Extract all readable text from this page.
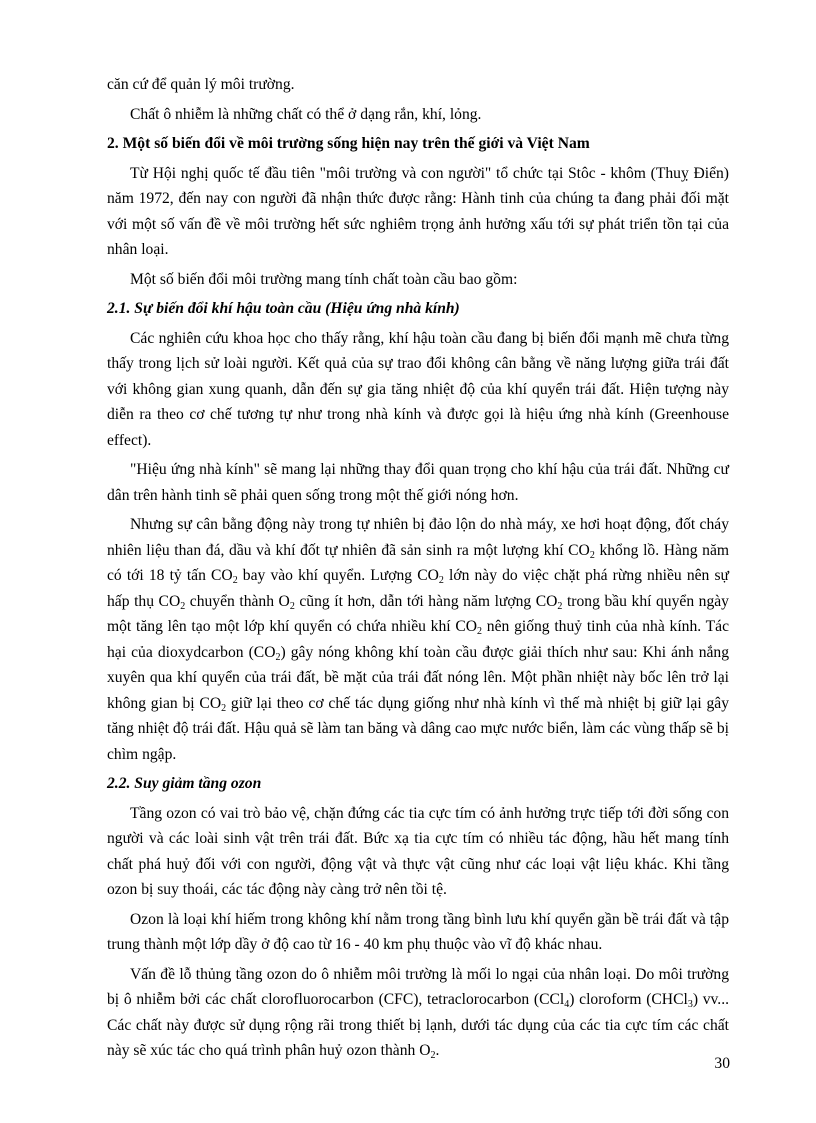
căn cứ để quản lý môi trường.

Chất ô nhiễm là những chất có thể ở dạng rắn, khí, lỏng.

2. Một số biến đổi về môi trường sống hiện nay trên thế giới và Việt Nam

Từ Hội nghị quốc tế đầu tiên "môi trường và con người" tổ chức tại Stôc - khôm (Thuỵ Điển) năm 1972, đến nay con người đã nhận thức được rằng: Hành tinh của chúng ta đang phải đối mặt với một số vấn đề về môi trường hết sức nghiêm trọng ảnh hưởng xấu tới sự phát triển tồn tại của nhân loại.

Một số biến đổi môi trường mang tính chất toàn cầu bao gồm:

2.1. Sự biến đổi khí hậu toàn cầu (Hiệu ứng nhà kính)

Các nghiên cứu khoa học cho thấy rằng, khí hậu toàn cầu đang bị biến đổi mạnh mẽ chưa từng thấy trong lịch sử loài người. Kết quả của sự trao đổi không cân bằng về năng lượng giữa trái đất với không gian xung quanh, dẫn đến sự gia tăng nhiệt độ của khí quyển trái đất. Hiện tượng này diễn ra theo cơ chế tương tự như trong nhà kính và được gọi là hiệu ứng nhà kính (Greenhouse effect).

"Hiệu ứng nhà kính" sẽ mang lại những thay đổi quan trọng cho khí hậu của trái đất. Những cư dân trên hành tinh sẽ phải quen sống trong một thế giới nóng hơn.

Nhưng sự cân bằng động này trong tự nhiên bị đảo lộn do nhà máy, xe hơi hoạt động, đốt cháy nhiên liệu than đá, dầu và khí đốt tự nhiên đã sản sinh ra một lượng khí $CO_2$ khổng lồ. Hàng năm có tới 18 tỷ tấn $CO_2$ bay vào khí quyển. Lượng $CO_2$ lớn này do việc chặt phá rừng nhiều nên sự hấp thụ $CO_2$ chuyển thành $O_2$ cũng ít hơn, dẫn tới hàng năm lượng $CO_2$ trong bầu khí quyển ngày một tăng lên tạo một lớp khí quyển có chứa nhiều khí $CO_2$ nên giống thuỷ tinh của nhà kính. Tác hại của dioxydcarbon $(CO_2)$ gây nóng không khí toàn cầu được giải thích như sau: Khi ánh nắng xuyên qua khí quyển của trái đất, bề mặt của trái đất nóng lên. Một phần nhiệt này bốc lên trở lại không gian bị $CO_2$ giữ lại theo cơ chế tác dụng giống như nhà kính vì thế mà nhiệt bị giữ lại gây tăng nhiệt độ trái đất. Hậu quả sẽ làm tan băng và dâng cao mực nước biển, làm các vùng thấp sẽ bị chìm ngập.

2.2. Suy giảm tầng ozon

Tầng ozon có vai trò bảo vệ, chặn đứng các tia cực tím có ảnh hưởng trực tiếp tới đời sống con người và các loài sinh vật trên trái đất. Bức xạ tia cực tím có nhiều tác động, hầu hết mang tính chất phá huỷ đối với con người, động vật và thực vật cũng như các loại vật liệu khác. Khi tầng ozon bị suy thoái, các tác động này càng trở nên tồi tệ.

Ozon là loại khí hiếm trong không khí nằm trong tầng bình lưu khí quyển gần bề trái đất và tập trung thành một lớp dầy ở độ cao từ 16 - 40 km phụ thuộc vào vĩ độ khác nhau.

Vấn đề lỗ thủng tầng ozon do ô nhiễm môi trường là mối lo ngại của nhân loại. Do môi trường bị ô nhiễm bởi các chất clorofluorocarbon (CFC), tetraclorocarbon (CCl$_4$) cloroform (CHCl$_3$) vv... Các chất này được sử dụng rộng rãi trong thiết bị lạnh, dưới tác dụng của các tia cực tím các chất này sẽ xúc tác cho quá trình phân huỷ ozon thành $O_2$.

30
